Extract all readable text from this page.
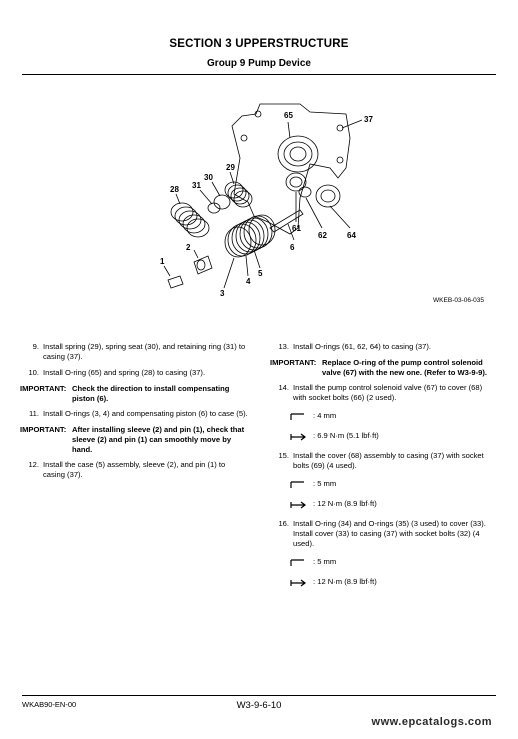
SECTION 3 UPPERSTRUCTURE
Group 9 Pump Device
65	37
29
30
31
28
61
62	64
6
2
5
4
3
1
WKEB-03-06-035
9. Install spring (29), spring seat (30), and retaining ring (31) to casing (37).
10. Install O-ring (65) and spring (28) to casing (37).
IMPORTANT: Check the direction to install compensating piston (6).
11. Install O-rings (3, 4) and compensating piston (6) to case (5).
IMPORTANT: After installing sleeve (2) and pin (1), check that sleeve (2) and pin (1) can smoothly move by hand.
12. Install the case (5) assembly, sleeve (2), and pin (1) to casing (37).
13. Install O-rings (61, 62, 64) to casing (37).
IMPORTANT: Replace O-ring of the pump control solenoid valve (67) with the new one. (Refer to W3-9-9).
14. Install the pump control solenoid valve (67) to cover (68) with socket bolts (66) (2 used).
: 4 mm
: 6.9 N·m (5.1 lbf·ft)
15. Install the cover (68) assembly to casing (37) with socket bolts (69) (4 used).
: 5 mm
: 12 N·m (8.9 lbf·ft)
16. Install O-ring (34) and O-rings (35) (3 used) to cover (33). Install cover (33) to casing (37) with socket bolts (32) (4 used).
: 5 mm
: 12 N·m (8.9 lbf·ft)
WKAB90-EN-00	W3-9-6-10
www.epcatalogs.com
